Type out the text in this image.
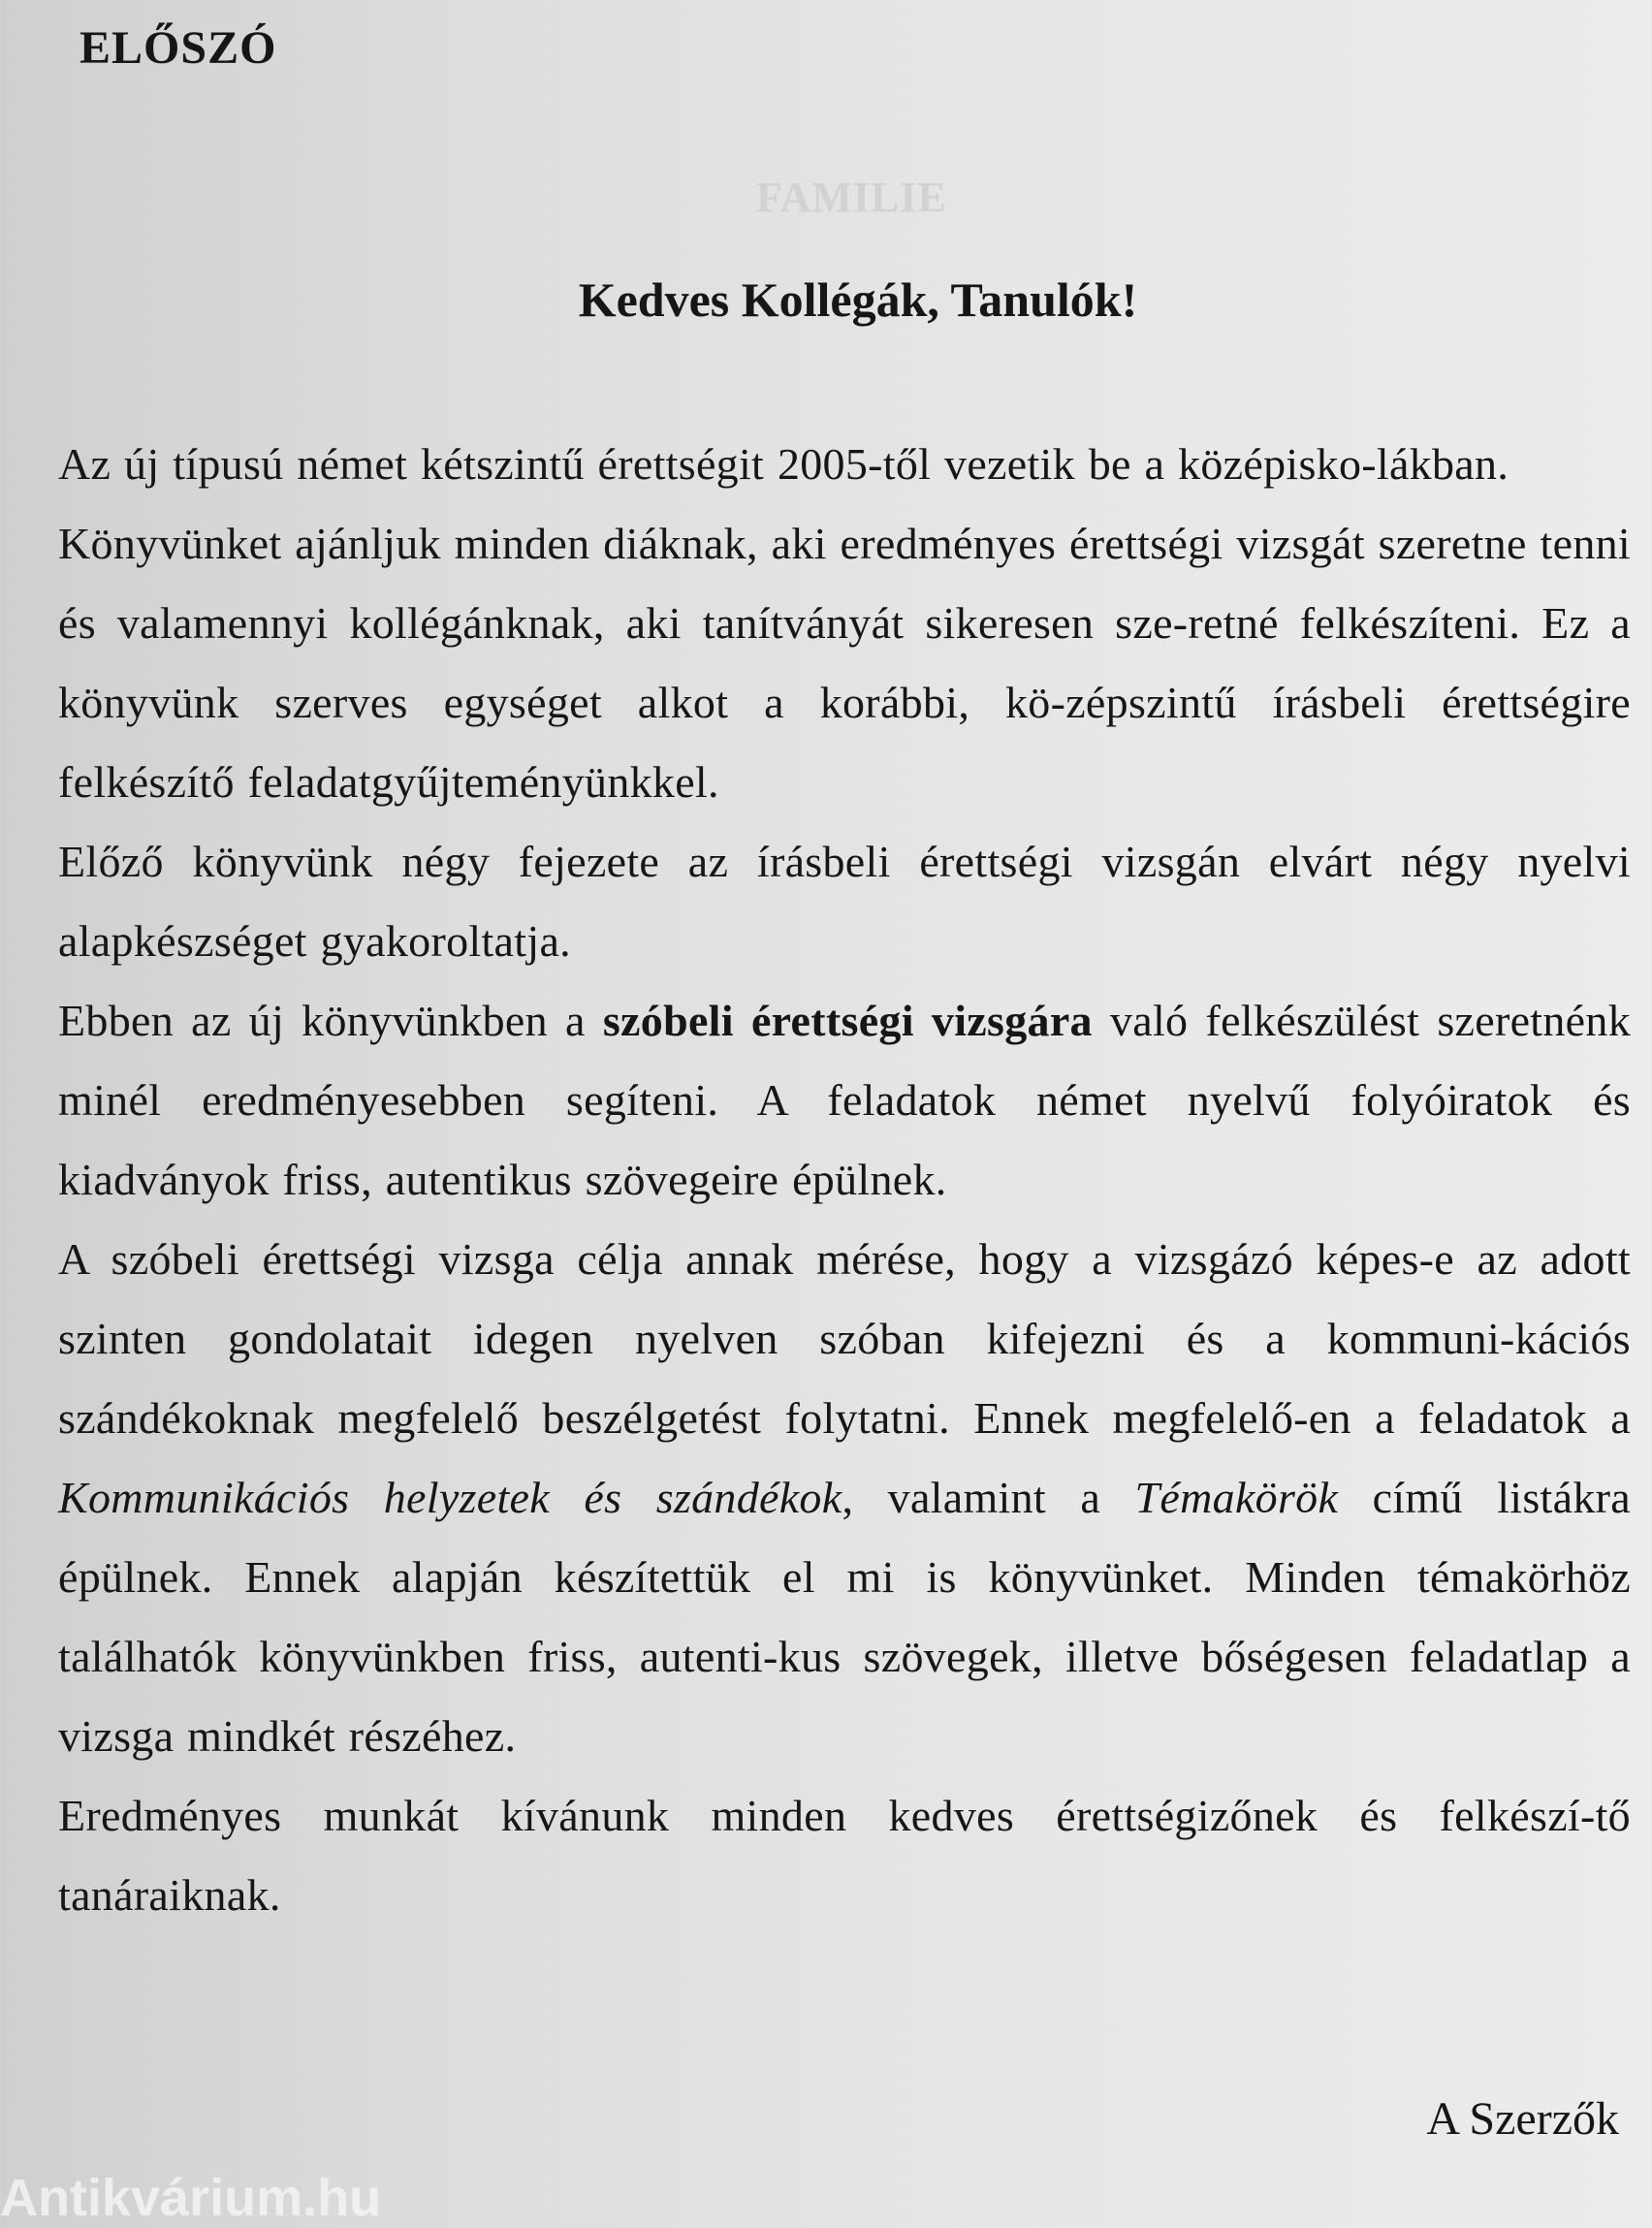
ELŐSZÓ
FAMILIE
Kedves Kollégák, Tanulók!

Az új típusú német kétszintű érettségit 2005-től vezetik be a középisko-lákban.

Könyvünket ajánljuk minden diáknak, aki eredményes érettségi vizsgát szeretne tenni és valamennyi kollégánknak, aki tanítványát sikeresen sze-retné felkészíteni. Ez a könyvünk szerves egységet alkot a korábbi, kö-zépszintű írásbeli érettségire felkészítő feladatgyűjteményünkkel.

Előző könyvünk négy fejezete az írásbeli érettségi vizsgán elvárt négy nyelvi alapkészséget gyakoroltatja.

Ebben az új könyvünkben a szóbeli érettségi vizsgára való felkészülést szeretnénk minél eredményesebben segíteni. A feladatok német nyelvű folyóiratok és kiadványok friss, autentikus szövegeire épülnek.

A szóbeli érettségi vizsga célja annak mérése, hogy a vizsgázó képes-e az adott szinten gondolatait idegen nyelven szóban kifejezni és a kommuni-kációs szándékoknak megfelelő beszélgetést folytatni. Ennek megfelelő-en a feladatok a Kommunikációs helyzetek és szándékok, valamint a Témakörök című listákra épülnek. Ennek alapján készítettük el mi is könyvünket. Minden témakörhöz találhatók könyvünkben friss, autenti-kus szövegek, illetve bőségesen feladatlap a vizsga mindkét részéhez.

Eredményes munkát kívánunk minden kedves érettségizőnek és felkészí-tő tanáraiknak.

A Szerzők
Antikvárium.hu
